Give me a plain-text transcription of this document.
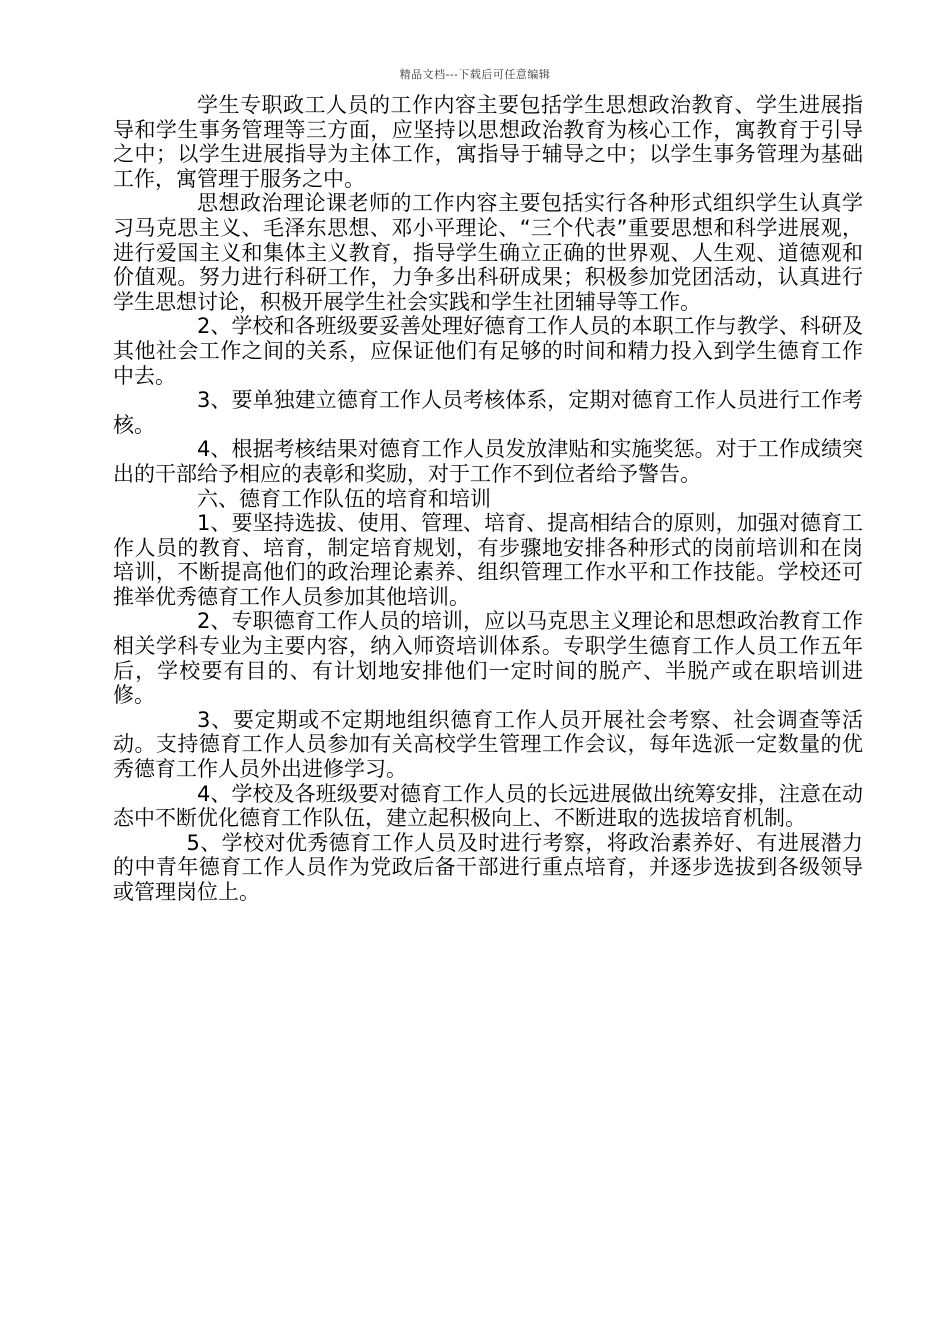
精品文档---下载后可任意编辑

学生专职政工人员的工作内容主要包括学生思想政治教育、学生进展指导和学生事务管理等三方面，应坚持以思想政治教育为核心工作，寓教育于引导之中；以学生进展指导为主体工作，寓指导于辅导之中；以学生事务管理为基础工作，寓管理于服务之中。

思想政治理论课老师的工作内容主要包括实行各种形式组织学生认真学习马克思主义、毛泽东思想、邓小平理论、“三个代表”重要思想和科学进展观，进行爱国主义和集体主义教育，指导学生确立正确的世界观、人生观、道德观和价值观。努力进行科研工作，力争多出科研成果；积极参加党团活动，认真进行学生思想讨论，积极开展学生社会实践和学生社团辅导等工作。

2、学校和各班级要妥善处理好德育工作人员的本职工作与教学、科研及其他社会工作之间的关系，应保证他们有足够的时间和精力投入到学生德育工作中去。

3、要单独建立德育工作人员考核体系，定期对德育工作人员进行工作考核。

4、根据考核结果对德育工作人员发放津贴和实施奖惩。对于工作成绩突出的干部给予相应的表彰和奖励，对于工作不到位者给予警告。

六、德育工作队伍的培育和培训

1、要坚持选拔、使用、管理、培育、提高相结合的原则，加强对德育工作人员的教育、培育，制定培育规划，有步骤地安排各种形式的岗前培训和在岗培训，不断提高他们的政治理论素养、组织管理工作水平和工作技能。学校还可推举优秀德育工作人员参加其他培训。

2、专职德育工作人员的培训，应以马克思主义理论和思想政治教育工作相关学科专业为主要内容，纳入师资培训体系。专职学生德育工作人员工作五年后，学校要有目的、有计划地安排他们一定时间的脱产、半脱产或在职培训进修。

3、要定期或不定期地组织德育工作人员开展社会考察、社会调查等活动。支持德育工作人员参加有关高校学生管理工作会议，每年选派一定数量的优秀德育工作人员外出进修学习。

4、学校及各班级要对德育工作人员的长远进展做出统筹安排，注意在动态中不断优化德育工作队伍，建立起积极向上、不断进取的选拔培育机制。

5、学校对优秀德育工作人员及时进行考察，将政治素养好、有进展潜力的中青年德育工作人员作为党政后备干部进行重点培育，并逐步选拔到各级领导或管理岗位上。
